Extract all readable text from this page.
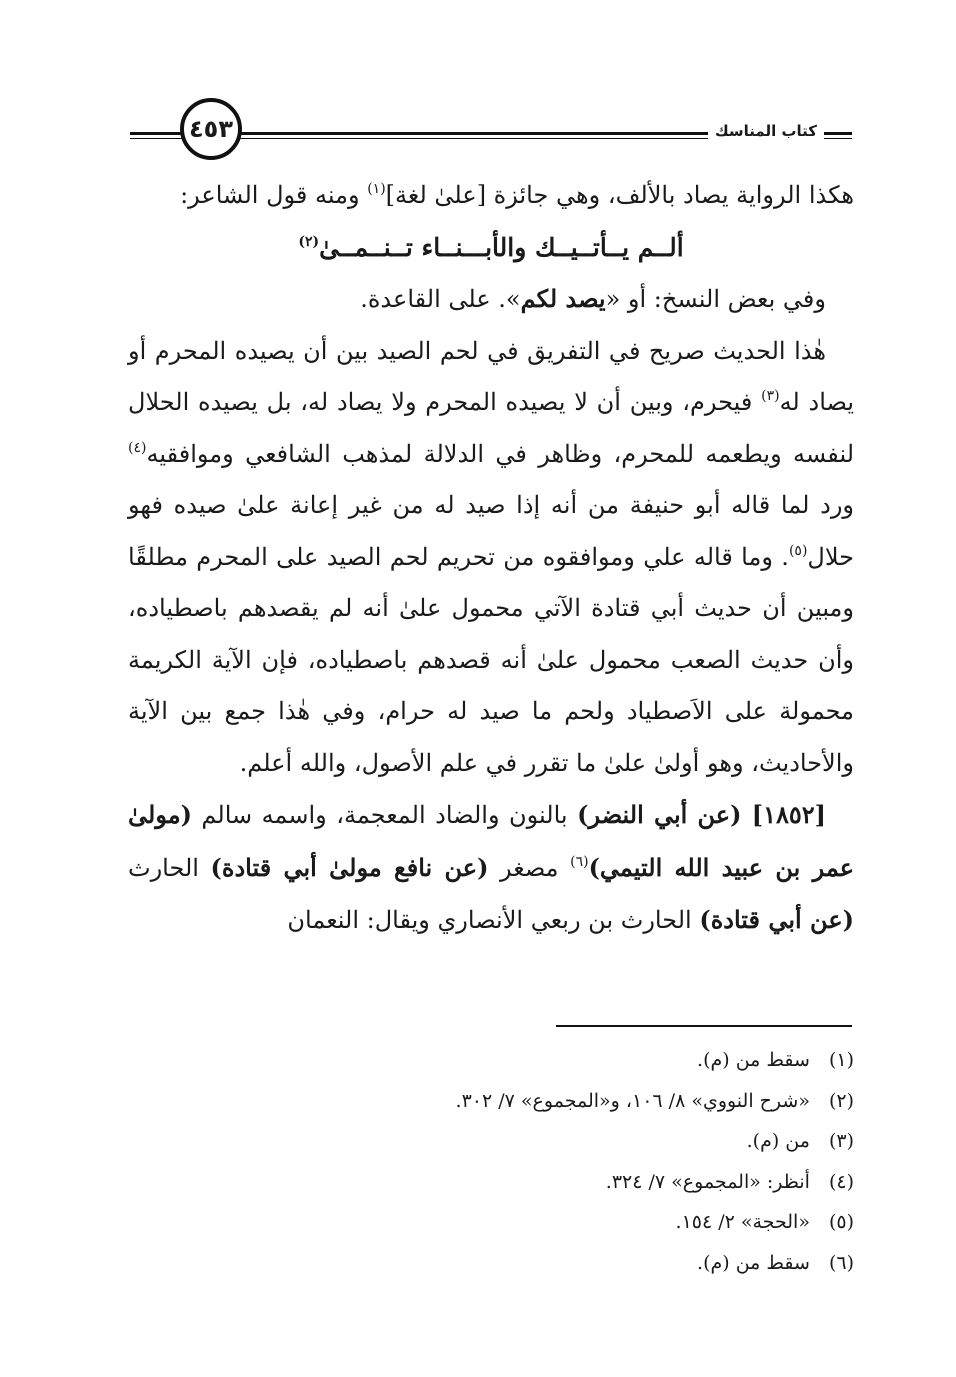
٤٥٣	كتاب المناسك

هكذا الرواية يصاد بالألف، وهي جائزة [علىٰ لغة]$^{(١)}$ ومنه قول الشاعر:

ألــم يــأتــيــك والأبـــنــاء تــنــمــىٰ$^{(٢)}$

وفي بعض النسخ: أو «يصد لكم». على القاعدة.

هٰذا الحديث صريح في التفريق في لحم الصيد بين أن يصيده المحرم أو يصاد له$^{(٣)}$ فيحرم، وبين أن لا يصيده المحرم ولا يصاد له، بل يصيده الحلال لنفسه ويطعمه للمحرم، وظاهر في الدلالة لمذهب الشافعي وموافقيه$^{(٤)}$ ورد لما قاله أبو حنيفة من أنه إذا صيد له من غير إعانة علىٰ صيده فهو حلال$^{(٥)}$. وما قاله علي وموافقوه من تحريم لحم الصيد على المحرم مطلقًا ومبين أن حديث أبي قتادة الآتي محمول علىٰ أنه لم يقصدهم باصطياده، وأن حديث الصعب محمول علىٰ أنه قصدهم باصطياده، فإن الآية الكريمة محمولة على الاَصطياد ولحم ما صيد له حرام، وفي هٰذا جمع بين الآية والأحاديث، وهو أولىٰ علىٰ ما تقرر في علم الأصول، والله أعلم.

[١٨٥٢] (عن أبي النضر) بالنون والضاد المعجمة، واسمه سالم (مولىٰ عمر بن عبيد الله التيمي)$^{(٦)}$ مصغر (عن نافع مولىٰ أبي قتادة) الحارث (عن أبي قتادة) الحارث بن ربعي الأنصاري ويقال: النعمان

(١) سقط من (م).
(٢) «شرح النووي» ٨/ ١٠٦، و«المجموع» ٧/ ٣٠٢.
(٣) من (م).
(٤) أنظر: «المجموع» ٧/ ٣٢٤.
(٥) «الحجة» ٢/ ١٥٤.
(٦) سقط من (م).
